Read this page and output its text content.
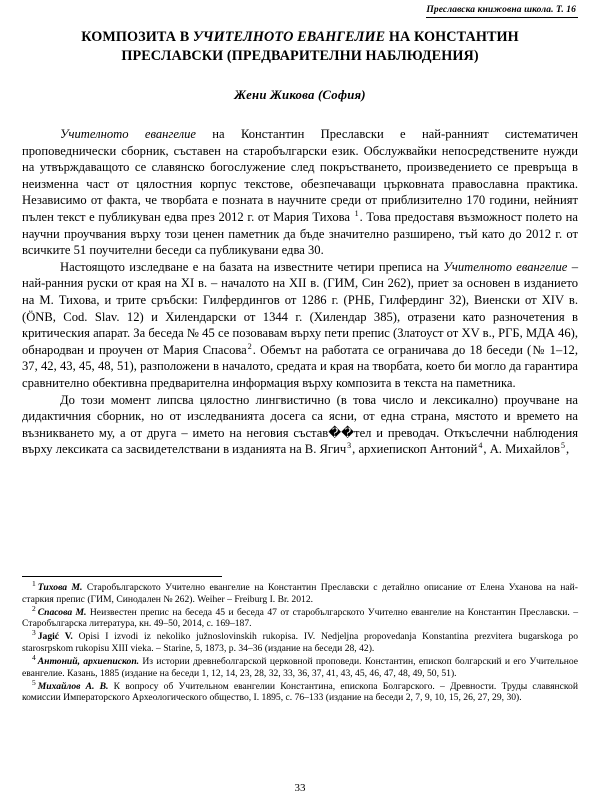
Преславска книжовна школа. Т. 16
КОМПОЗИТА В УЧИТЕЛНОТО ЕВАНГЕЛИЕ НА КОНСТАНТИН
ПРЕСЛАВСКИ (ПРЕДВАРИТЕЛНИ НАБЛЮДЕНИЯ)
Жени Жикова (София)

Учителното евангелие на Константин Преславски е най-ранният систематичен проповеднически сборник, съставен на старобългарски език. Обслужвайки непосредствените нужди на утвърждаващото се славянско богослужение след покръстването, произведението се превръща в неизменна част от цялостния корпус текстове, обезпечаващи църковната православна практика. Независимо от факта, че творбата е позната в научните среди от приблизително 170 години, нейният пълен текст е публикуван едва през 2012 г. от Мария Тихова $^1$. Това предоставя възможност полето на научни проучвания върху този ценен паметник да бъде значително разширено, тъй като до 2012 г. от всичките 51 поучителни беседи са публикувани едва 30.

Настоящото изследване е на базата на известните четири преписа на Учителното евангелие – най-ранния руски от края на XI в. – началото на XII в. (ГИМ, Син 262), приет за основен в изданието на М. Тихова, и трите сръбски: Гилфердингов от 1286 г. (РНБ, Гилфердинг 32), Виенски от XIV в. (ÖNB, Cod. Slav. 12) и Хилендарски от 1344 г. (Хилендар 385), отразени като разночетения в критическия апарат. За беседа № 45 се позовавам върху пети препис (Златоуст от XV в., РГБ, МДА 46), обнародван и проучен от Мария Спасова$^2$. Обемът на работата се ограничава до 18 беседи (№ 1–12, 37, 42, 43, 45, 48, 51), разположени в началото, средата и края на творбата, което би могло да гарантира сравнително обективна предварителна информация върху композита в текста на паметника.

До този момент липсва цялостно лингвистично (в това число и лексикално) проучване на дидактичния сборник, но от изследванията досега са ясни, от една страна, мястото и времето на възникването му, а от друга – името на неговия състав��тел и преводач. Откъслечни наблюдения върху лексиката са засвидетелствани в изданията на В. Ягич$^3$, архиепископ Антоний$^4$, А. Михайлов$^5$,

$^1$ Тихова М. Старобългарското Учително евангелие на Константин Преславски с детайлно описание от Елена Уханова на най-старкия препис (ГИМ, Синодален № 262). Weiher – Freiburg I. Br. 2012.

$^2$ Спасова М. Неизвестен препис на беседа 45 и беседа 47 от старобългарското Учително евангелие на Константин Преславски. – Старобългарска литература, кн. 49–50, 2014, с. 169–187.

$^3$ Jagić V. Opisi I izvodi iz nekoliko južnoslovinskih rukopisa. IV. Nedjeljna propovedanja Konstantina prezvitera bugarskoga po starosrpskom rukopisu XIII vieka. – Starine, 5, 1873, p. 34–36 (издание на беседи 28, 42).

$^4$ Антоний, архиепископ. Из истории древнеболгарской церковной проповеди. Константин, епископ болгарский и его Учительное евангелие. Казань, 1885 (издание на беседи 1, 12, 14, 23, 28, 32, 33, 36, 37, 41, 43, 45, 46, 47, 48, 49, 50, 51).

$^5$ Михайлов А. В. К вопросу об Учительном евангелии Константина, епископа Болгарского. – Древности. Труды славянской комиссии Императорского Археологического общество, I. 1895, с. 76–133 (издание на беседи 2, 7, 9, 10, 15, 26, 27, 29, 30).

33
